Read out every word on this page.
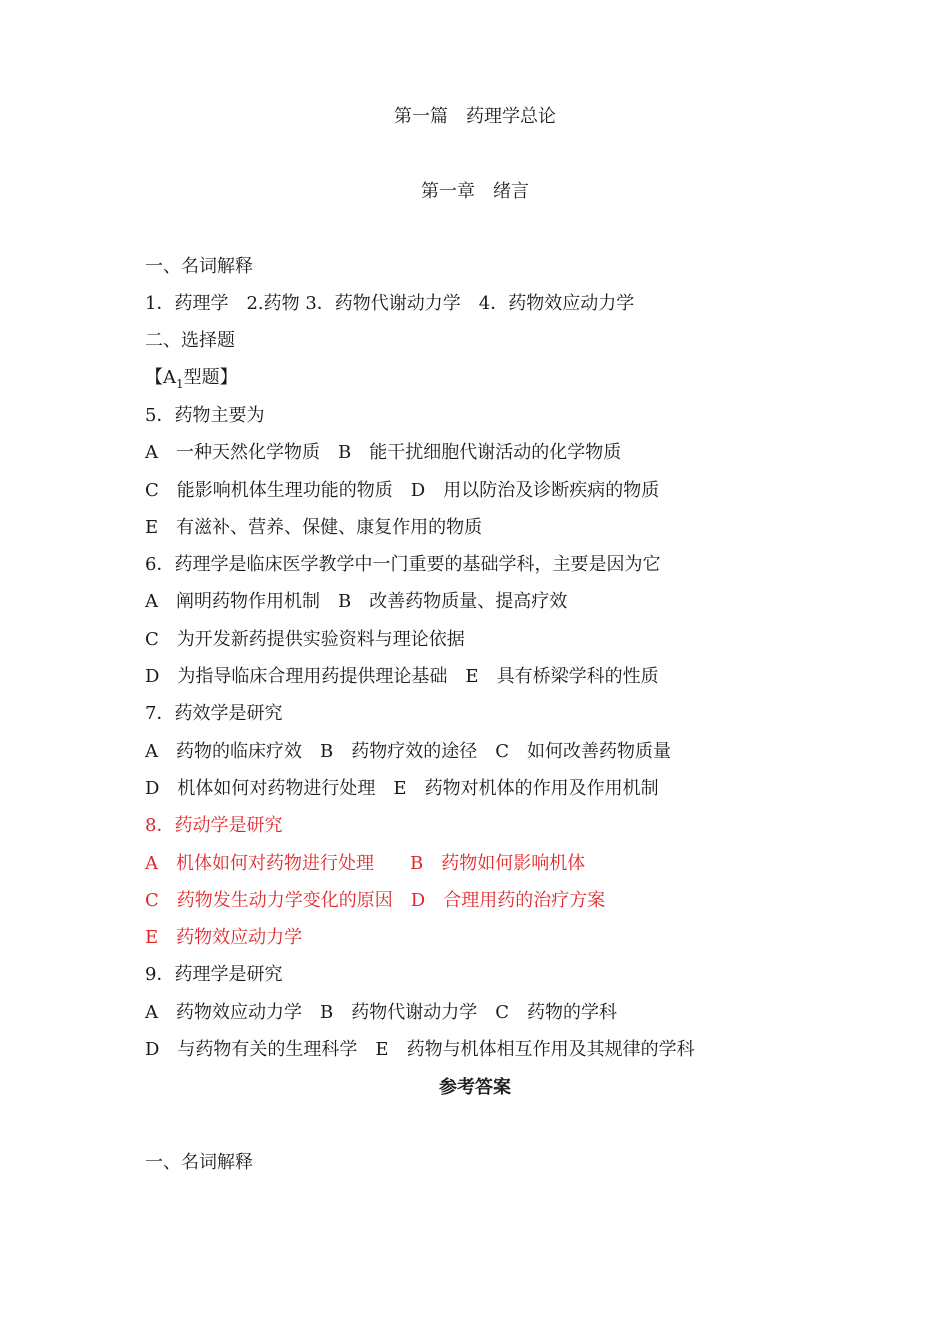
第一篇　药理学总论
第一章　绪言
一、名词解释
1．药理学　2.药物 3．药物代谢动力学　4．药物效应动力学
二、选择题
【$A_1$型题】
5．药物主要为
A　一种天然化学物质　B　能干扰细胞代谢活动的化学物质
C　能影响机体生理功能的物质　D　用以防治及诊断疾病的物质
E　有滋补、营养、保健、康复作用的物质
6．药理学是临床医学教学中一门重要的基础学科，主要是因为它
A　阐明药物作用机制　B　改善药物质量、提高疗效
C　为开发新药提供实验资料与理论依据
D　为指导临床合理用药提供理论基础　E　具有桥梁学科的性质
7．药效学是研究
A　药物的临床疗效　B　药物疗效的途径　C　如何改善药物质量
D　机体如何对药物进行处理　E　药物对机体的作用及作用机制
8．药动学是研究
A　机体如何对药物进行处理　　B　药物如何影响机体
C　药物发生动力学变化的原因　D　合理用药的治疗方案
E　药物效应动力学
9．药理学是研究
A　药物效应动力学　B　药物代谢动力学　C　药物的学科
D　与药物有关的生理科学　E　药物与机体相互作用及其规律的学科
参考答案
一、名词解释
